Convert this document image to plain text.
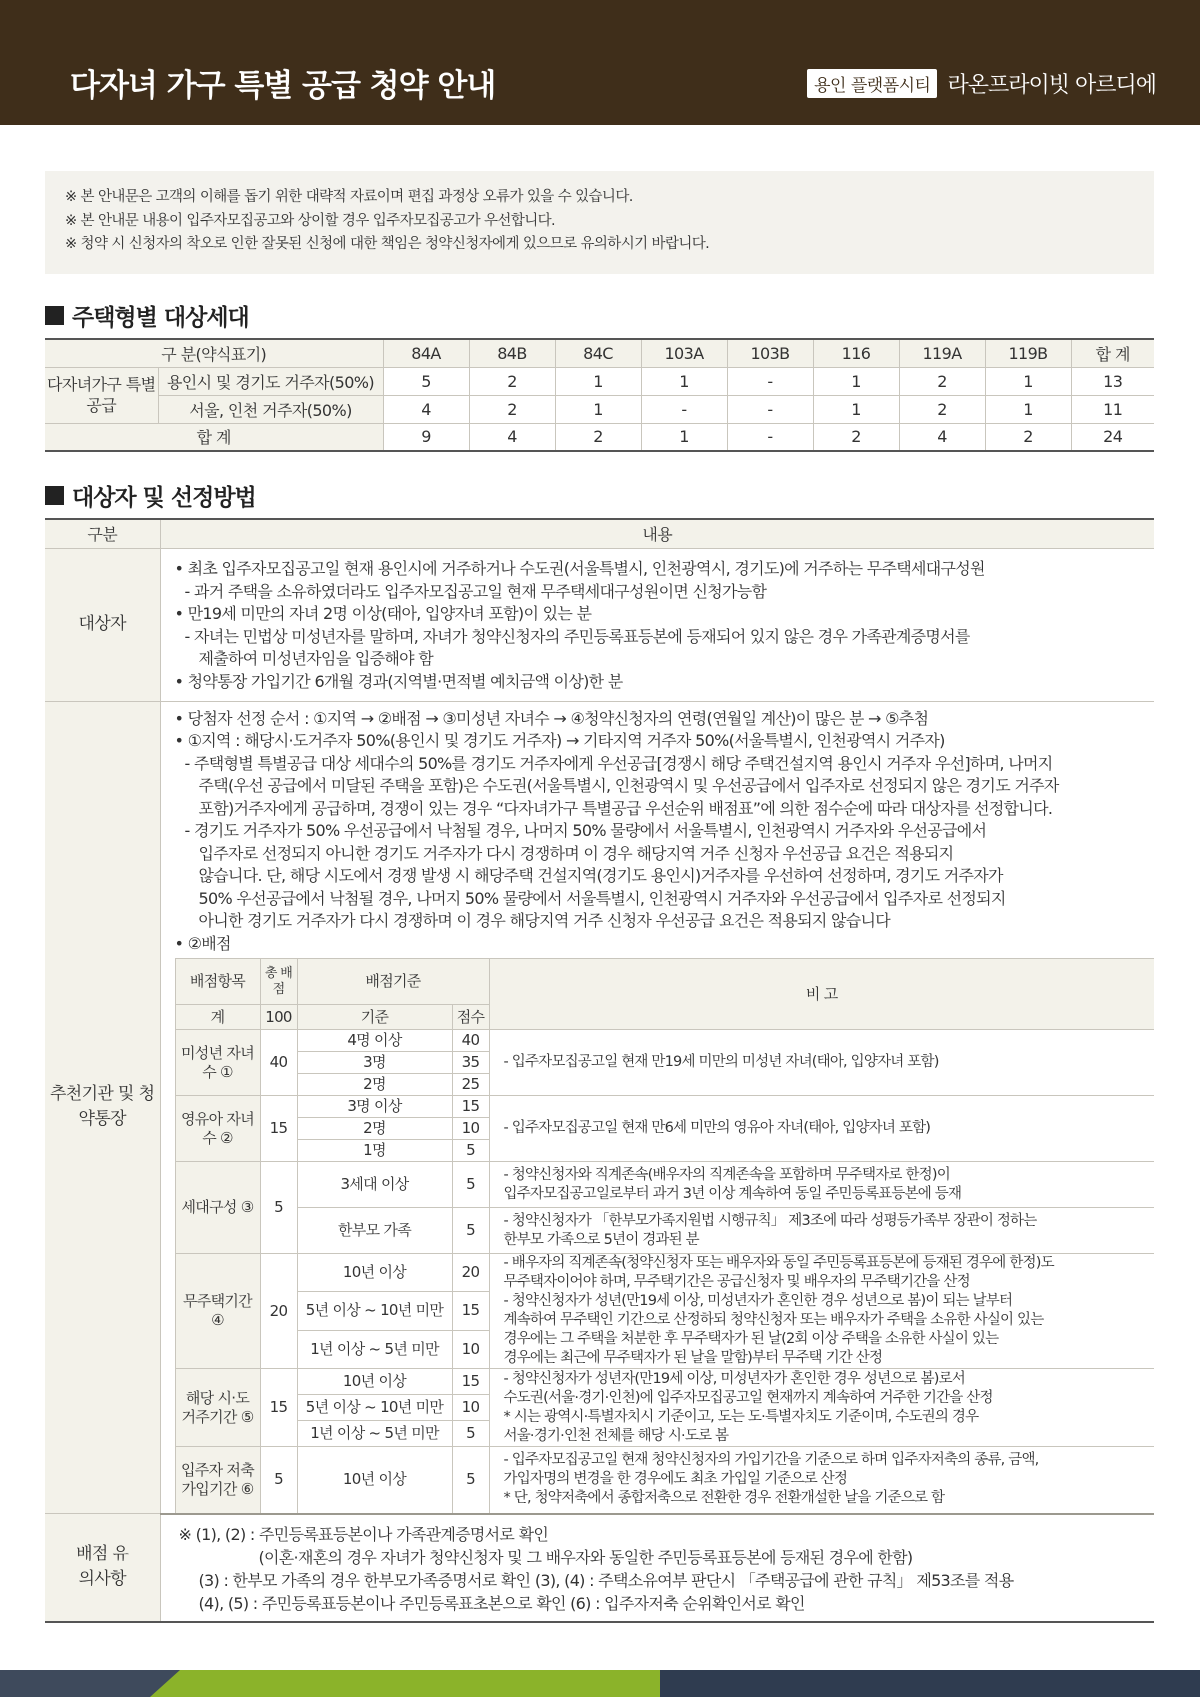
다자녀 가구 특별 공급 청약 안내	용인 플랫폼시티 라온프라이빗 아르디에

※ 본 안내문은 고객의 이해를 돕기 위한 대략적 자료이며 편집 과정상 오류가 있을 수 있습니다.

※ 본 안내문 내용이 입주자모집공고와 상이할 경우 입주자모집공고가 우선합니다.

※ 청약 시 신청자의 착오로 인한 잘못된 신청에 대한 책임은 청약신청자에게 있으므로 유의하시기 바랍니다.

주택형별 대상세대
구 분(약식표기)		84A	84B	84C	103A	103B	116	119A	119B	합 계
다자녀가구 특별공급	용인시 및 경기도 거주자(50%)	5	2	1	1	-	1	2	1	13
	서울, 인천 거주자(50%)	4	2	1	-	-	1	2	1	11
합 계		9	4	2	1	-	2	4	2	24
대상자 및 선정방법
구분	내용
대상자	
• 최초 입주자모집공고일 현재 용인시에 거주하거나 수도권(서울특별시, 인천광역시, 경기도)에 거주하는 무주택세대구성원
- 과거 주택을 소유하였더라도 입주자모집공고일 현재 무주택세대구성원이면 신청가능함
• 만19세 미만의 자녀 2명 이상(태아, 입양자녀 포함)이 있는 분
- 자녀는 민법상 미성년자를 말하며, 자녀가 청약신청자의 주민등록표등본에 등재되어 있지 않은 경우 가족관계증명서를
제출하여 미성년자임을 입증해야 함
• 청약통장 가입기간 6개월 경과(지역별·면적별 예치금액 이상)한 분

추천기관 및 청약통장	
• 당첨자 선정 순서 : ①지역 → ②배점 → ③미성년 자녀수 → ④청약신청자의 연령(연월일 계산)이 많은 분 → ⑤추첨
• ①지역 : 해당시·도거주자 50%(용인시 및 경기도 거주자) → 기타지역 거주자 50%(서울특별시, 인천광역시 거주자)
- 주택형별 특별공급 대상 세대수의 50%를 경기도 거주자에게 우선공급[경쟁시 해당 주택건설지역 용인시 거주자 우선]하며, 나머지
주택(우선 공급에서 미달된 주택을 포함)은 수도권(서울특별시, 인천광역시 및 우선공급에서 입주자로 선정되지 않은 경기도 거주자
포함)거주자에게 공급하며, 경쟁이 있는 경우 “다자녀가구 특별공급 우선순위 배점표”에 의한 점수순에 따라 대상자를 선정합니다.
- 경기도 거주자가 50% 우선공급에서 낙첨될 경우, 나머지 50% 물량에서 서울특별시, 인천광역시 거주자와 우선공급에서
입주자로 선정되지 아니한 경기도 거주자가 다시 경쟁하며 이 경우 해당지역 거주 신청자 우선공급 요건은 적용되지
않습니다. 단, 해당 시도에서 경쟁 발생 시 해당주택 건설지역(경기도 용인시)거주자를 우선하여 선정하며, 경기도 거주자가
50% 우선공급에서 낙첨될 경우, 나머지 50% 물량에서 서울특별시, 인천광역시 거주자와 우선공급에서 입주자로 선정되지
아니한 경기도 거주자가 다시 경쟁하며 이 경우 해당지역 거주 신청자 우선공급 요건은 적용되지 않습니다
• ②배점
배점항목	총 배점	배점기준	비 고
계	100	기준	점수
미성년 자녀수 ①	40	4명 이상	40	
- 입주자모집공고일 현재 만19세 미만의 미성년 자녀(태아, 입양자녀 포함)

3명	35
2명	25
영유아 자녀수 ②	15	3명 이상	15	
- 입주자모집공고일 현재 만6세 미만의 영유아 자녀(태아, 입양자녀 포함)

2명	10
1명	5
세대구성 ③	5	3세대 이상	5	
- 청약신청자와 직계존속(배우자의 직계존속을 포함하며 무주택자로 한정)이
입주자모집공고일로부터 과거 3년 이상 계속하여 동일 주민등록표등본에 등재

한부모 가족	5	
- 청약신청자가 「한부모가족지원법 시행규칙」 제3조에 따라 성평등가족부 장관이 정하는
한부모 가족으로 5년이 경과된 분

무주택기간 ④	20	10년 이상	20	
- 배우자의 직계존속(청약신청자 또는 배우자와 동일 주민등록표등본에 등재된 경우에 한정)도
무주택자이어야 하며, 무주택기간은 공급신청자 및 배우자의 무주택기간을 산정
- 청약신청자가 성년(만19세 이상, 미성년자가 혼인한 경우 성년으로 봄)이 되는 날부터
계속하여 무주택인 기간으로 산정하되 청약신청자 또는 배우자가 주택을 소유한 사실이 있는
경우에는 그 주택을 처분한 후 무주택자가 된 날(2회 이상 주택을 소유한 사실이 있는
경우에는 최근에 무주택자가 된 날을 말함)부터 무주택 기간 산정

5년 이상 ~ 10년 미만	15
1년 이상 ~ 5년 미만	10
해당 시·도 거주기간 ⑤	15	10년 이상	15	- 청약신청자가 성년자(만19세 이상, 미성년자가 혼인한 경우 성년으로 봄)로서
수도권(서울·경기·인천)에 입주자모집공고일 현재까지 계속하여 거주한 기간을 산정
* 시는 광역시·특별자치시 기준이고, 도는 도·특별자치도 기준이며, 수도권의 경우
서울·경기·인천 전체를 해당 시·도로 봄

5년 이상 ~ 10년 미만	10
1년 이상 ~ 5년 미만	5
입주자 저축 가입기간 ⑥	5	10년 이상	5	
- 입주자모집공고일 현재 청약신청자의 가입기간을 기준으로 하며 입주자저축의 종류, 금액,
가입자명의 변경을 한 경우에도 최초 가입일 기준으로 산정
* 단, 청약저축에서 종합저축으로 전환한 경우 전환개설한 날을 기준으로 함

배점 유의사항	
※ (1), (2) : 주민등록표등본이나 가족관계증명서로 확인
(이혼·재혼의 경우 자녀가 청약신청자 및 그 배우자와 동일한 주민등록표등본에 등재된 경우에 한함)
(3) : 한부모 가족의 경우 한부모가족증명서로 확인 (3), (4) : 주택소유여부 판단시 「주택공급에 관한 규칙」 제53조를 적용
(4), (5) : 주민등록표등본이나 주민등록표초본으로 확인 (6) : 입주자저축 순위확인서로 확인
